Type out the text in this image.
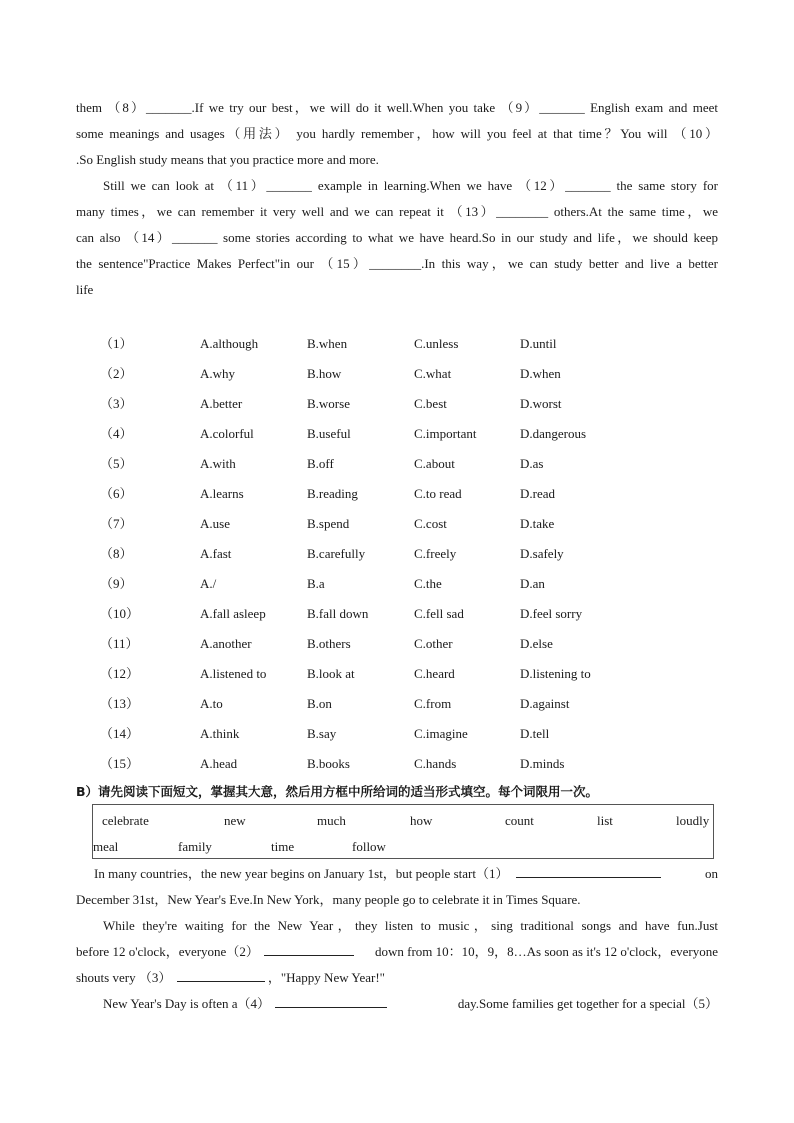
them （8）_______.If we try our best，we will do it well.When you take （9）_______ English exam and meet
some meanings and usages（用法） you hardly remember，how will you feel at that time？You will （10）
.So English study means that you practice more and more.
Still we can look at （11）_______ example in learning.When we have （12）_______ the same story for
many times，we can remember it very well and we can repeat it （13）________ others.At the same time，we
can also （14）_______ some stories according to what we have heard.So in our study and life，we should keep
the sentence"Practice Makes Perfect"in our （15）________.In this way，we can study better and live a better
life
（1）	A.although	B.when	C.unless	D.until
（2）	A.why	B.how	C.what	D.when
（3）	A.better	B.worse	C.best	D.worst
（4）	A.colorful	B.useful	C.important	D.dangerous
（5）	A.with	B.off	C.about	D.as
（6）	A.learns	B.reading	C.to read	D.read
（7）	A.use	B.spend	C.cost	D.take
（8）	A.fast	B.carefully	C.freely	D.safely
（9）	A./	B.a	C.the	D.an
（10）	A.fall asleep	B.fall down	C.fell sad	D.feel sorry
（11）	A.another	B.others	C.other	D.else
（12）	A.listened to	B.look at	C.heard	D.listening to
（13）	A.to	B.on	C.from	D.against
（14）	A.think	B.say	C.imagine	D.tell
（15）	A.head	B.books	C.hands	D.minds
B）请先阅读下面短文，掌握其大意，然后用方框中所给词的适当形式填空。每个词限用一次。
celebrate	new	much	how	count	list	loudly
meal	family	time	follow
In many countries，the new year begins on January 1st，but people start（1）	on
December 31st，New Year's Eve.In New York，many people go to celebrate it in Times Square.
While they're waiting for the New Year，they listen to music，sing traditional songs and have fun.Just
before 12 o'clock，everyone（2）	down from 10：10，9，8…As soon as it's 12 o'clock，everyone
shouts very （3）	，"Happy New Year!"
New Year's Day is often a（4）	day.Some families get together for a special（5）
